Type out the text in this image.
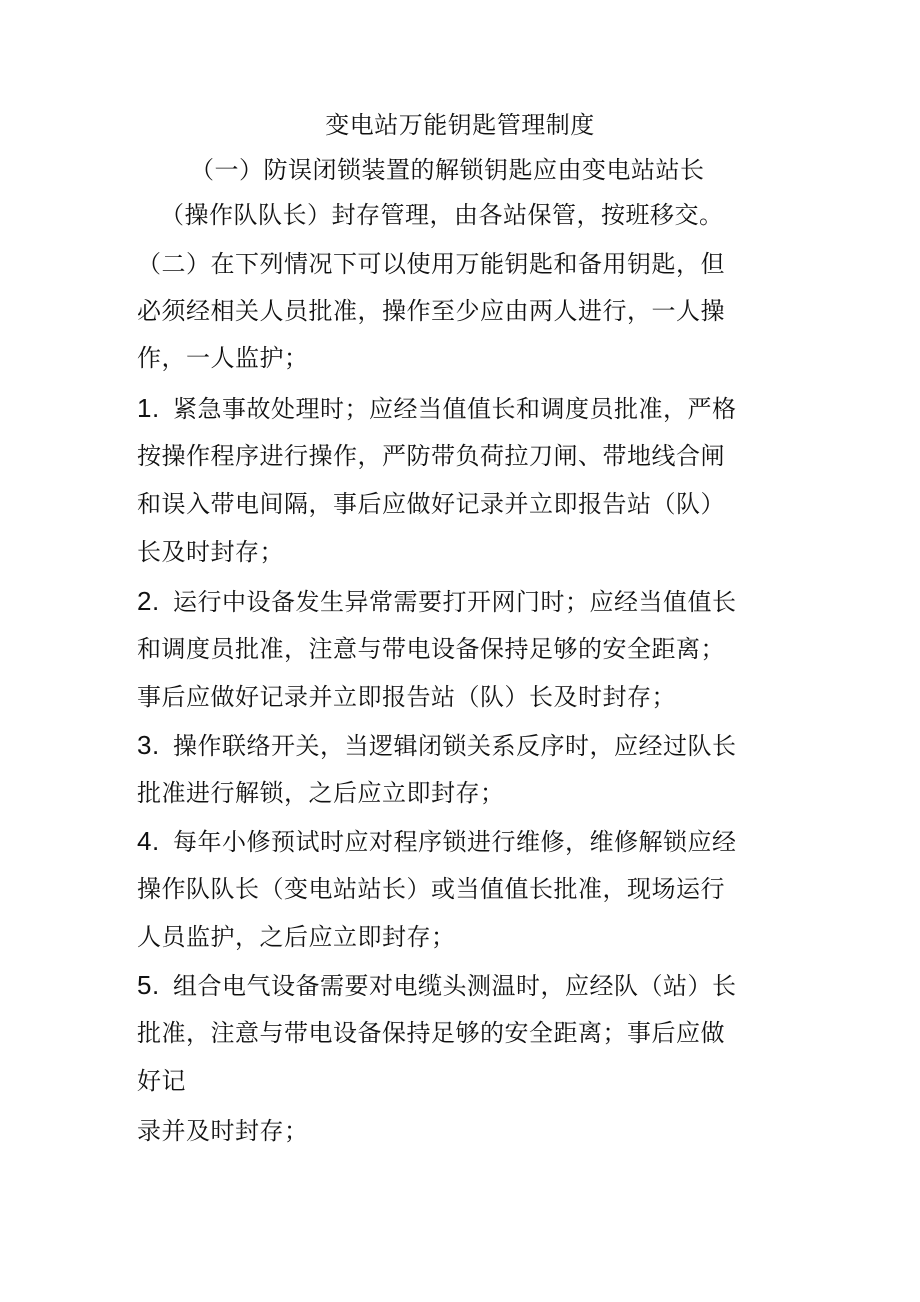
变电站万能钥匙管理制度
（一）防误闭锁装置的解锁钥匙应由变电站站长
（操作队队长）封存管理，由各站保管，按班移交。
（二）在下列情况下可以使用万能钥匙和备用钥匙，但
必须经相关人员批准，操作至少应由两人进行，一人操
作，一人监护；
1. 紧急事故处理时；应经当值值长和调度员批准，严格
按操作程序进行操作，严防带负荷拉刀闸、带地线合闸
和误入带电间隔，事后应做好记录并立即报告站（队）
长及时封存；
2. 运行中设备发生异常需要打开网门时；应经当值值长
和调度员批准，注意与带电设备保持足够的安全距离；
事后应做好记录并立即报告站（队）长及时封存；
3. 操作联络开关，当逻辑闭锁关系反序时，应经过队长
批准进行解锁，之后应立即封存；
4. 每年小修预试时应对程序锁进行维修，维修解锁应经
操作队队长（变电站站长）或当值值长批准，现场运行
人员监护，之后应立即封存；
5. 组合电气设备需要对电缆头测温时，应经队（站）长
批准，注意与带电设备保持足够的安全距离；事后应做
好记
录并及时封存；
